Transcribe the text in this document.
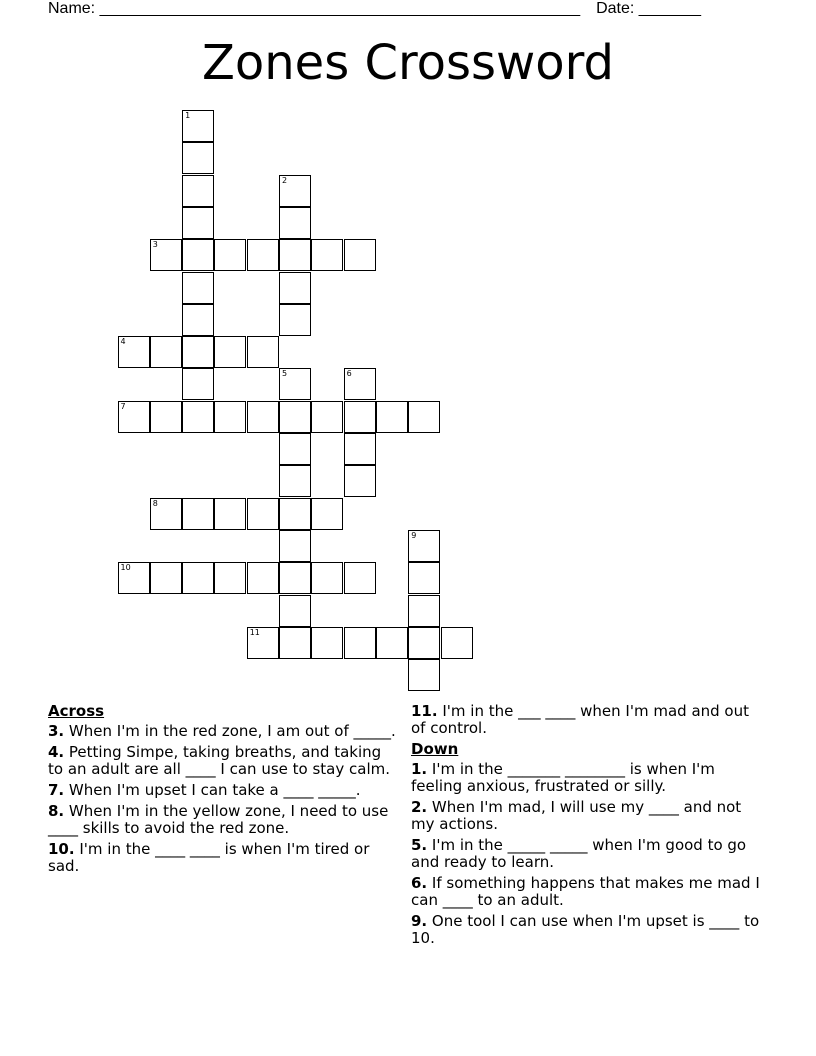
Name: ______________________________________________________ Date: _______
Zones Crossword
1
2
3
4
5	6
7
8
9
10
11
Across
3. When I'm in the red zone, I am out of _____.
4. Petting Simpe, taking breaths, and taking to an adult are all ____ I can use to stay calm.
7. When I'm upset I can take a ____ _____.
8. When I'm in the yellow zone, I need to use ____ skills to avoid the red zone.
10. I'm in the ____ ____ is when I'm tired or sad.
11. I'm in the ___ ____ when I'm mad and out of control.
Down
1. I'm in the _______ ________ is when I'm feeling anxious, frustrated or silly.
2. When I'm mad, I will use my ____ and not my actions.
5. I'm in the _____ _____ when I'm good to go and ready to learn.
6. If something happens that makes me mad I can ____ to an adult.
9. One tool I can use when I'm upset is ____ to 10.
